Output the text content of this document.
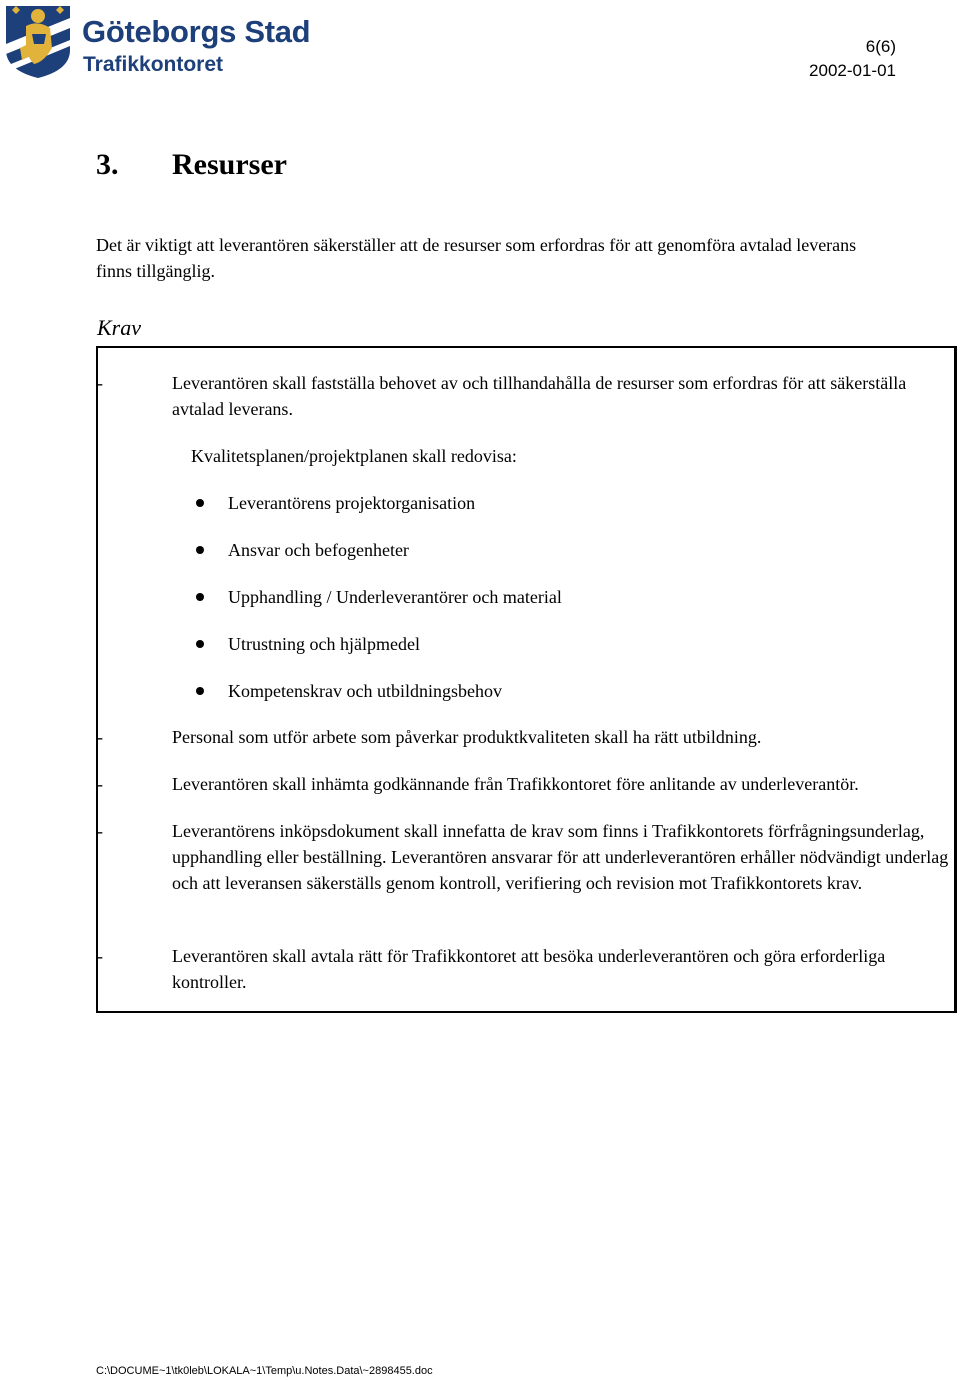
Göteborgs Stad
Trafikkontoret
6(6)
2002-01-01
3. Resurser
Det är viktigt att leverantören säkerställer att de resurser som erfordras för att genomföra avtalad leverans finns tillgänglig.
Krav
-	Leverantören skall fastställa behovet av och tillhandahålla de resurser som erfordras för att säkerställa avtalad leverans.
Kvalitetsplanen/projektplanen skall redovisa:
Leverantörens projektorganisation
Ansvar och befogenheter
Upphandling / Underleverantörer och material
Utrustning och hjälpmedel
Kompetenskrav och utbildningsbehov
-	Personal som utför arbete som påverkar produktkvaliteten skall ha rätt utbildning.
-	Leverantören skall inhämta godkännande från Trafikkontoret före anlitande av underleverantör.
-	Leverantörens inköpsdokument skall innefatta de krav som finns i Trafikkontorets förfrågningsunderlag, upphandling eller beställning. Leverantören ansvarar för att underleverantören erhåller nödvändigt underlag och att leveransen säkerställs genom kontroll, verifiering och revision mot Trafikkontorets krav.
-	Leverantören skall avtala rätt för Trafikkontoret att besöka underleverantören och göra erforderliga kontroller.
C:\DOCUME~1\tk0leb\LOKALA~1\Temp\u.Notes.Data\~2898455.doc
